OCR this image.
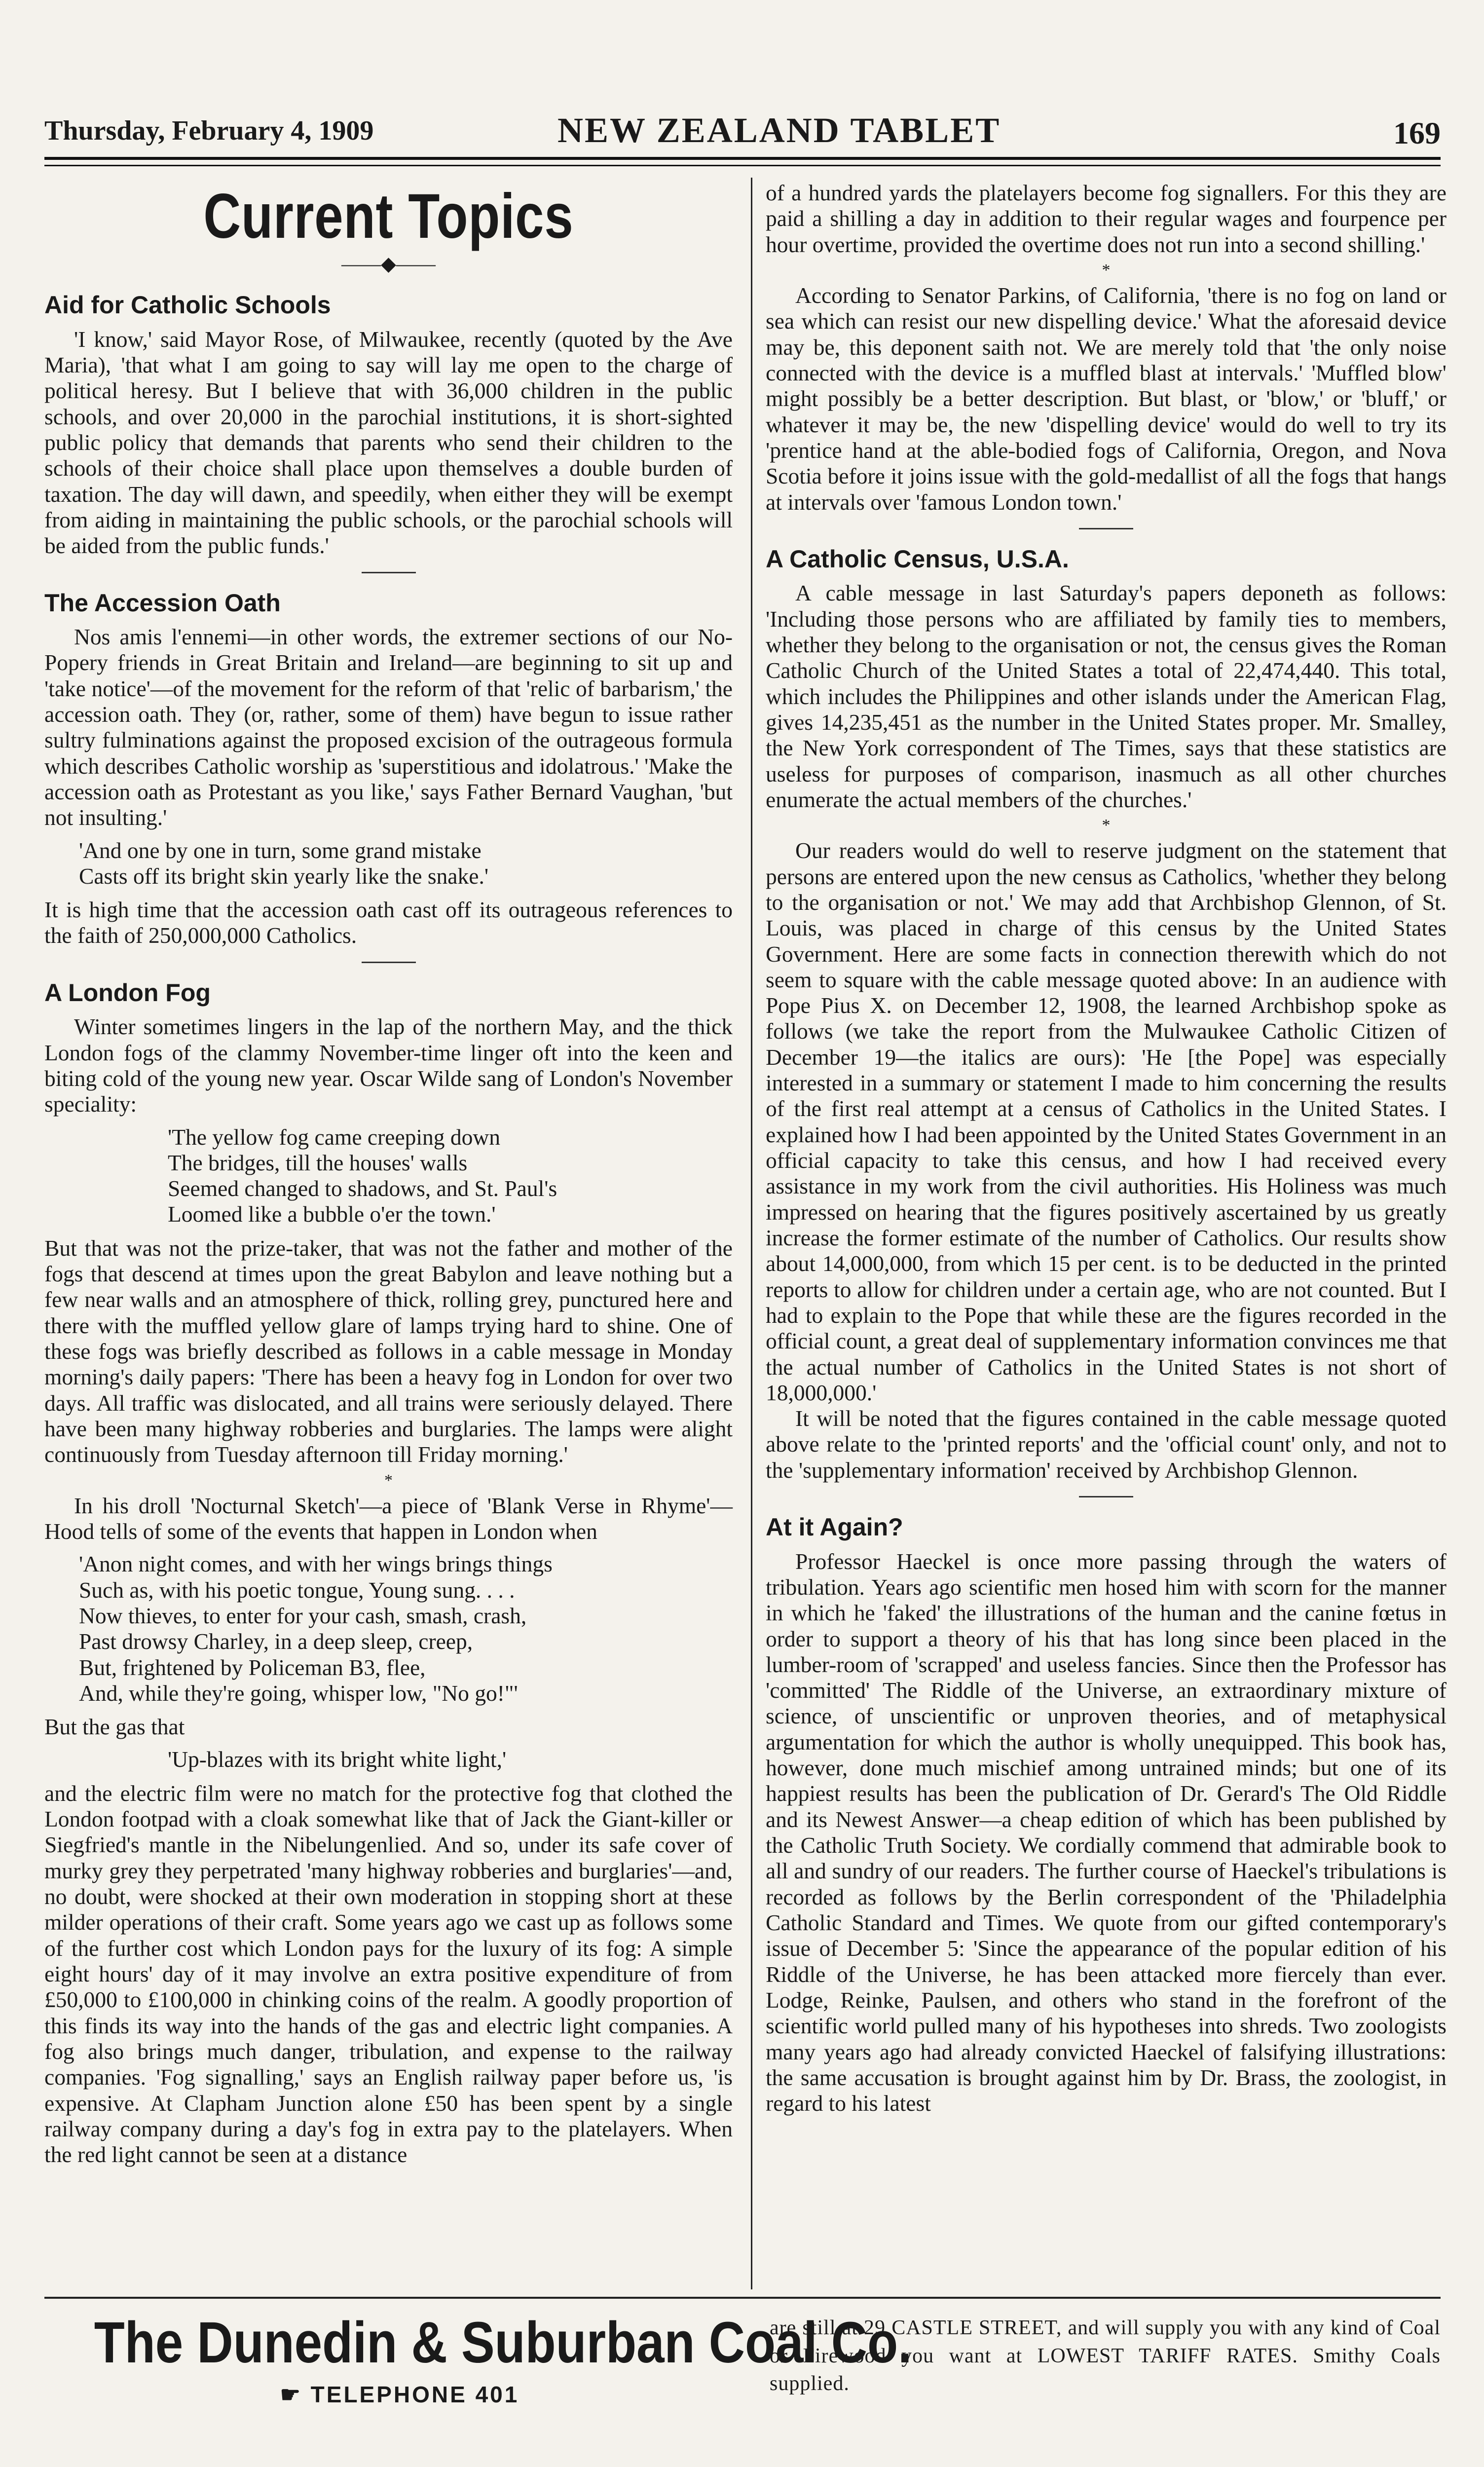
Thursday, February 4, 1909	NEW ZEALAND TABLET	169
Current Topics
——◆——
Aid for Catholic Schools

'I know,' said Mayor Rose, of Milwaukee, recently (quoted by the Ave Maria), 'that what I am going to say will lay me open to the charge of political heresy. But I believe that with 36,000 children in the public schools, and over 20,000 in the parochial institutions, it is short-sighted public policy that demands that parents who send their children to the schools of their choice shall place upon themselves a double burden of taxation. The day will dawn, and speedily, when either they will be exempt from aiding in maintaining the public schools, or the parochial schools will be aided from the public funds.'

The Accession Oath

Nos amis l'ennemi—in other words, the extremer sections of our No-Popery friends in Great Britain and Ireland—are beginning to sit up and 'take notice'—of the movement for the reform of that 'relic of barbarism,' the accession oath. They (or, rather, some of them) have begun to issue rather sultry fulminations against the proposed excision of the outrageous formula which describes Catholic worship as 'superstitious and idolatrous.' 'Make the accession oath as Protestant as you like,' says Father Bernard Vaughan, 'but not insulting.'

'And one by one in turn, some grand mistake
Casts off its bright skin yearly like the snake.'

It is high time that the accession oath cast off its outrageous references to the faith of 250,000,000 Catholics.

A London Fog

Winter sometimes lingers in the lap of the northern May, and the thick London fogs of the clammy November-time linger oft into the keen and biting cold of the young new year. Oscar Wilde sang of London's November speciality:

'The yellow fog came creeping down
The bridges, till the houses' walls
Seemed changed to shadows, and St. Paul's
Loomed like a bubble o'er the town.'

But that was not the prize-taker, that was not the father and mother of the fogs that descend at times upon the great Babylon and leave nothing but a few near walls and an atmosphere of thick, rolling grey, punctured here and there with the muffled yellow glare of lamps trying hard to shine. One of these fogs was briefly described as follows in a cable message in Monday morning's daily papers: 'There has been a heavy fog in London for over two days. All traffic was dislocated, and all trains were seriously delayed. There have been many highway robberies and burglaries. The lamps were alight continuously from Tuesday afternoon till Friday morning.'

*

In his droll 'Nocturnal Sketch'—a piece of 'Blank Verse in Rhyme'—Hood tells of some of the events that happen in London when

'Anon night comes, and with her wings brings things
Such as, with his poetic tongue, Young sung. . . .
Now thieves, to enter for your cash, smash, crash,
Past drowsy Charley, in a deep sleep, creep,
But, frightened by Policeman B3, flee,
And, while they're going, whisper low, "No go!"'

But the gas that

'Up-blazes with its bright white light,'

and the electric film were no match for the protective fog that clothed the London footpad with a cloak somewhat like that of Jack the Giant-killer or Siegfried's mantle in the Nibelungenlied. And so, under its safe cover of murky grey they perpetrated 'many highway robberies and burglaries'—and, no doubt, were shocked at their own moderation in stopping short at these milder operations of their craft. Some years ago we cast up as follows some of the further cost which London pays for the luxury of its fog: A simple eight hours' day of it may involve an extra positive expenditure of from £50,000 to £100,000 in chinking coins of the realm. A goodly proportion of this finds its way into the hands of the gas and electric light companies. A fog also brings much danger, tribulation, and expense to the railway companies. 'Fog signalling,' says an English railway paper before us, 'is expensive. At Clapham Junction alone £50 has been spent by a single railway company during a day's fog in extra pay to the platelayers. When the red light cannot be seen at a distance

of a hundred yards the platelayers become fog signallers. For this they are paid a shilling a day in addition to their regular wages and fourpence per hour overtime, provided the overtime does not run into a second shilling.'

*

According to Senator Parkins, of California, 'there is no fog on land or sea which can resist our new dispelling device.' What the aforesaid device may be, this deponent saith not. We are merely told that 'the only noise connected with the device is a muffled blast at intervals.' 'Muffled blow' might possibly be a better description. But blast, or 'blow,' or 'bluff,' or whatever it may be, the new 'dispelling device' would do well to try its 'prentice hand at the able-bodied fogs of California, Oregon, and Nova Scotia before it joins issue with the gold-medallist of all the fogs that hangs at intervals over 'famous London town.'

A Catholic Census, U.S.A.

A cable message in last Saturday's papers deponeth as follows: 'Including those persons who are affiliated by family ties to members, whether they belong to the organisation or not, the census gives the Roman Catholic Church of the United States a total of 22,474,440. This total, which includes the Philippines and other islands under the American Flag, gives 14,235,451 as the number in the United States proper. Mr. Smalley, the New York correspondent of The Times, says that these statistics are useless for purposes of comparison, inasmuch as all other churches enumerate the actual members of the churches.'

*

Our readers would do well to reserve judgment on the statement that persons are entered upon the new census as Catholics, 'whether they belong to the organisation or not.' We may add that Archbishop Glennon, of St. Louis, was placed in charge of this census by the United States Government. Here are some facts in connection therewith which do not seem to square with the cable message quoted above: In an audience with Pope Pius X. on December 12, 1908, the learned Archbishop spoke as follows (we take the report from the Mulwaukee Catholic Citizen of December 19—the italics are ours): 'He [the Pope] was especially interested in a summary or statement I made to him concerning the results of the first real attempt at a census of Catholics in the United States. I explained how I had been appointed by the United States Government in an official capacity to take this census, and how I had received every assistance in my work from the civil authorities. His Holiness was much impressed on hearing that the figures positively ascertained by us greatly increase the former estimate of the number of Catholics. Our results show about 14,000,000, from which 15 per cent. is to be deducted in the printed reports to allow for children under a certain age, who are not counted. But I had to explain to the Pope that while these are the figures recorded in the official count, a great deal of supplementary information convinces me that the actual number of Catholics in the United States is not short of 18,000,000.'

It will be noted that the figures contained in the cable message quoted above relate to the 'printed reports' and the 'official count' only, and not to the 'supplementary information' received by Archbishop Glennon.

At it Again?

Professor Haeckel is once more passing through the waters of tribulation. Years ago scientific men hosed him with scorn for the manner in which he 'faked' the illustrations of the human and the canine fœtus in order to support a theory of his that has long since been placed in the lumber-room of 'scrapped' and useless fancies. Since then the Professor has 'committed' The Riddle of the Universe, an extraordinary mixture of science, of unscientific or unproven theories, and of metaphysical argumentation for which the author is wholly unequipped. This book has, however, done much mischief among untrained minds; but one of its happiest results has been the publication of Dr. Gerard's The Old Riddle and its Newest Answer—a cheap edition of which has been published by the Catholic Truth Society. We cordially commend that admirable book to all and sundry of our readers. The further course of Haeckel's tribulations is recorded as follows by the Berlin correspondent of the 'Philadelphia Catholic Standard and Times. We quote from our gifted contemporary's issue of December 5: 'Since the appearance of the popular edition of his Riddle of the Universe, he has been attacked more fiercely than ever. Lodge, Reinke, Paulsen, and others who stand in the forefront of the scientific world pulled many of his hypotheses into shreds. Two zoologists many years ago had already convicted Haeckel of falsifying illustrations: the same accusation is brought against him by Dr. Brass, the zoologist, in regard to his latest

The Dunedin & Suburban Coal Co.
☛ TELEPHONE 401
are still at 29 CASTLE STREET, and will supply you with any kind of Coal or Firewood you want at LOWEST TARIFF RATES. Smithy Coals supplied.
